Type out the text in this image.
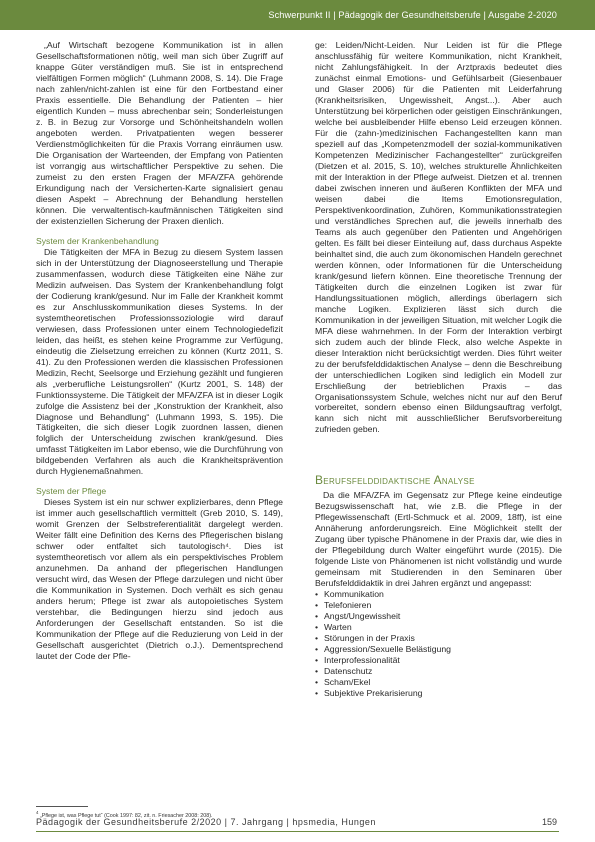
Schwerpunkt II | Pädagogik der Gesundheitsberufe | Ausgabe 2-2020

„Auf Wirtschaft bezogene Kommunikation ist in allen Gesellschaftsformationen nötig, weil man sich über Zugriff auf knappe Güter verständigen muß. Sie ist in entsprechend vielfältigen Formen möglich“ (Luhmann 2008, S. 14). Die Frage nach zahlen/nicht-zahlen ist eine für den Fortbestand einer Praxis essentielle. Die Behandlung der Patienten – hier eigentlich Kunden – muss abrechenbar sein; Sonderleistungen z. B. in Bezug zur Vorsorge und Schönheitshandeln wollen angeboten werden. Privatpatienten wegen besserer Verdienstmöglichkeiten für die Praxis Vorrang einräumen usw. Die Organisation der Warteenden, der Empfang von Patienten ist vorrangig aus wirtschaftlicher Perspektive zu sehen. Die zumeist zu den ersten Fragen der MFA/ZFA gehörende Erkundigung nach der Versicherten-Karte signalisiert genau diesen Aspekt – Abrechnung der Behandlung herstellen können. Die verwaltentisch-kaufmännischen Tätigkeiten sind der existenziellen Sicherung der Praxen dienlich.

System der Krankenbehandlung

Die Tätigkeiten der MFA in Bezug zu diesem System lassen sich in der Unterstützung der Diagnoseerstellung und Therapie zusammenfassen, wodurch diese Tätigkeiten eine Nähe zur Medizin aufweisen. Das System der Krankenbehandlung folgt der Codierung krank/gesund. Nur im Falle der Krankheit kommt es zur Anschlusskommunikation dieses Systems. In der systemtheoretischen Professionssoziologie wird darauf verwiesen, dass Professionen unter einem Technologiedefizit leiden, das heißt, es stehen keine Programme zur Verfügung, eindeutig die Zielsetzung erreichen zu können (Kurtz 2011, S. 41). Zu den Professionen werden die klassischen Professionen Medizin, Recht, Seelsorge und Erziehung gezählt und fungieren als „verberufliche Leistungsrollen“ (Kurtz 2001, S. 148) der Funktionssysteme. Die Tätigkeit der MFA/ZFA ist in dieser Logik zufolge die Assistenz bei der „Konstruktion der Krankheit, also Diagnose und Behandlung“ (Luhmann 1993, S. 195). Die Tätigkeiten, die sich dieser Logik zuordnen lassen, dienen folglich der Unterscheidung zwischen krank/gesund. Dies umfasst Tätigkeiten im Labor ebenso, wie die Durchführung von bildgebenden Verfahren als auch die Krankheitsprävention durch Hygienemaßnahmen.

System der Pflege

Dieses System ist ein nur schwer explizierbares, denn Pflege ist immer auch gesellschaftlich vermittelt (Greb 2010, S. 149), womit Grenzen der Selbstreferentialität dargelegt werden. Weiter fällt eine Definition des Kerns des Pflegerischen bislang schwer oder entfaltet sich tautologisch⁴. Dies ist systemtheoretisch vor allem als ein perspektivisches Problem anzunehmen. Da anhand der pflegerischen Handlungen versucht wird, das Wesen der Pflege darzulegen und nicht über die Kommunikation in Systemen. Doch verhält es sich genau anders herum; Pflege ist zwar als autopoietisches System verstehbar, die Bedingungen hierzu sind jedoch aus Anforderungen der Gesellschaft entstanden. So ist die Kommunikation der Pflege auf die Reduzierung von Leid in der Gesellschaft ausgerichtet (Dietrich o.J.). Dementsprechend lautet der Code der Pfle-

$^4$ „Pflege ist, was Pflege tut“ (Cook 1997: 82, zit. n. Friesacher 2008: 208).

ge: Leiden/Nicht-Leiden. Nur Leiden ist für die Pflege anschlussfähig für weitere Kommunikation, nicht Krankheit, nicht Zahlungsfähigkeit. In der Arztpraxis bedeutet dies zunächst einmal Emotions- und Gefühlsarbeit (Giesenbauer und Glaser 2006) für die Patienten mit Leiderfahrung (Krankheitsrisiken, Ungewissheit, Angst...). Aber auch Unterstützung bei körperlichen oder geistigen Einschränkungen, welche bei ausbleibender Hilfe ebenso Leid erzeugen können. Für die (zahn-)medizinischen Fachangestellten kann man speziell auf das „Kompetenzmodell der sozial-kommunikativen Kompetenzen Medizinischer Fachangestellter“ zurückgreifen (Dietzen et al. 2015, S. 10), welches strukturelle Ähnlichkeiten mit der Interaktion in der Pflege aufweist. Dietzen et al. trennen dabei zwischen inneren und äußeren Konflikten der MFA und weisen dabei die Items Emotionsregulation, Perspektivenkoordination, Zuhören, Kommunikationsstrategien und verständliches Sprechen auf, die jeweils innerhalb des Teams als auch gegenüber den Patienten und Angehörigen gelten. Es fällt bei dieser Einteilung auf, dass durchaus Aspekte beinhaltet sind, die auch zum ökonomischen Handeln gerechnet werden können, oder Informationen für die Unterscheidung krank/gesund liefern können. Eine theoretische Trennung der Tätigkeiten durch die einzelnen Logiken ist zwar für Handlungssituationen möglich, allerdings überlagern sich manche Logiken. Explizieren lässt sich durch die Kommunikation in der jeweiligen Situation, mit welcher Logik die MFA diese wahrnehmen. In der Form der Interaktion verbirgt sich zudem auch der blinde Fleck, also welche Aspekte in dieser Interaktion nicht berücksichtigt werden. Dies führt weiter zu der berufsfelddidaktischen Analyse – denn die Beschreibung der unterschiedlichen Logiken sind lediglich ein Modell zur Erschließung der betrieblichen Praxis – das Organisationssystem Schule, welches nicht nur auf den Beruf vorbereitet, sondern ebenso einen Bildungsauftrag verfolgt, kann sich nicht mit ausschließlicher Berufsvorbereitung zufrieden geben.

Berufsfelddidaktische Analyse

Da die MFA/ZFA im Gegensatz zur Pflege keine eindeutige Bezugswissenschaft hat, wie z.B. die Pflege in der Pflegewissenschaft (Ertl-Schmuck et al. 2009, 18ff), ist eine Annäherung anforderungsreich. Eine Möglichkeit stellt der Zugang über typische Phänomene in der Praxis dar, wie dies in der Pflegebildung durch Walter eingeführt wurde (2015). Die folgende Liste von Phänomenen ist nicht vollständig und wurde gemeinsam mit Studierenden in den Seminaren über Berufsfelddidaktik in drei Jahren ergänzt und angepasst:

• Kommunikation
• Telefonieren
• Angst/Ungewissheit
• Warten
• Störungen in der Praxis
• Aggression/Sexuelle Belästigung
• Interprofessionalität
• Datenschutz
• Scham/Ekel
• Subjektive Prekarisierung
Pädagogik der Gesundheitsberufe 2/2020 | 7. Jahrgang | hpsmedia, Hungen	159
